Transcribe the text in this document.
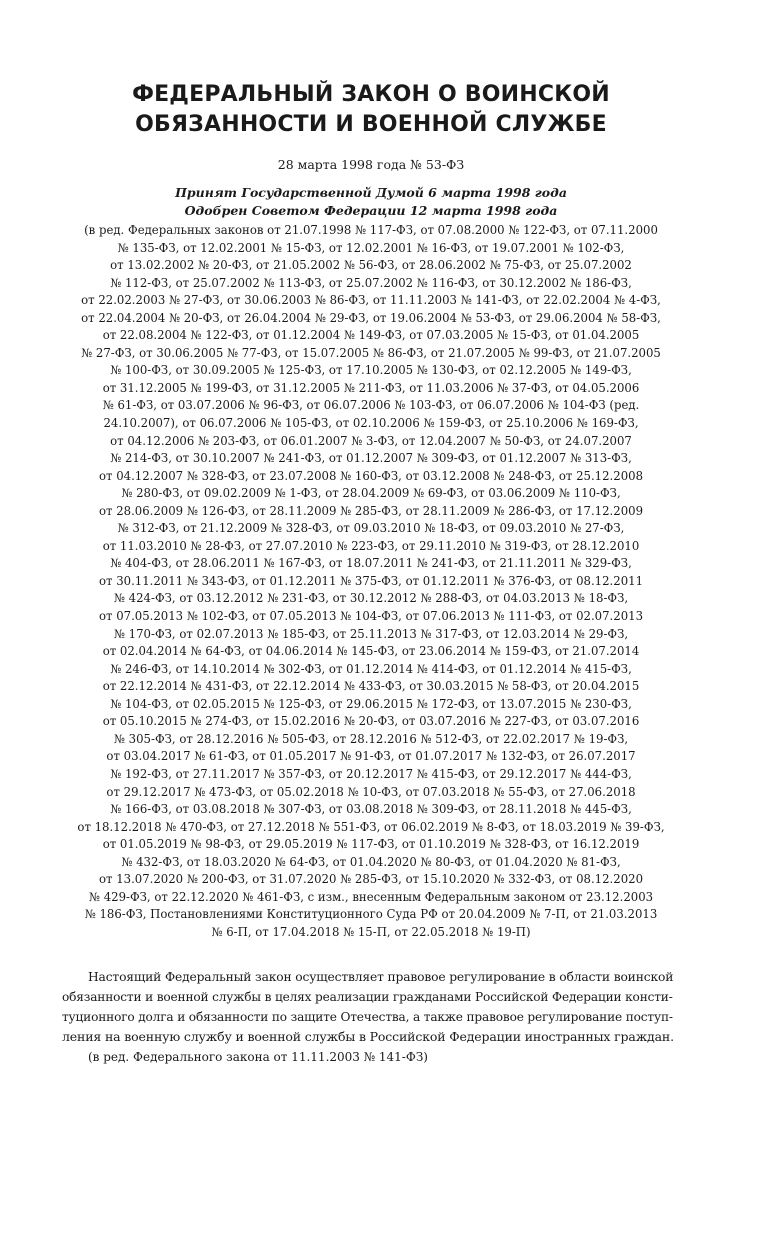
ФЕДЕРАЛЬНЫЙ ЗАКОН О ВОИНСКОЙ
ОБЯЗАННОСТИ И ВОЕННОЙ СЛУЖБЕ
28 марта 1998 года № 53-ФЗ
Принят Государственной Думой 6 марта 1998 года
Одобрен Советом Федерации 12 марта 1998 года
(в ред. Федеральных законов от 21.07.1998 № 117-ФЗ, от 07.08.2000 № 122-ФЗ, от 07.11.2000
№ 135-ФЗ, от 12.02.2001 № 15-ФЗ, от 12.02.2001 № 16-ФЗ, от 19.07.2001 № 102-ФЗ,
от 13.02.2002 № 20-ФЗ, от 21.05.2002 № 56-ФЗ, от 28.06.2002 № 75-ФЗ, от 25.07.2002
№ 112-ФЗ, от 25.07.2002 № 113-ФЗ, от 25.07.2002 № 116-ФЗ, от 30.12.2002 № 186-ФЗ,
от 22.02.2003 № 27-ФЗ, от 30.06.2003 № 86-ФЗ, от 11.11.2003 № 141-ФЗ, от 22.02.2004 № 4-ФЗ,
от 22.04.2004 № 20-ФЗ, от 26.04.2004 № 29-ФЗ, от 19.06.2004 № 53-ФЗ, от 29.06.2004 № 58-ФЗ,
от 22.08.2004 № 122-ФЗ, от 01.12.2004 № 149-ФЗ, от 07.03.2005 № 15-ФЗ, от 01.04.2005
№ 27-ФЗ, от 30.06.2005 № 77-ФЗ, от 15.07.2005 № 86-ФЗ, от 21.07.2005 № 99-ФЗ, от 21.07.2005
№ 100-ФЗ, от 30.09.2005 № 125-ФЗ, от 17.10.2005 № 130-ФЗ, от 02.12.2005 № 149-ФЗ,
от 31.12.2005 № 199-ФЗ, от 31.12.2005 № 211-ФЗ, от 11.03.2006 № 37-ФЗ, от 04.05.2006
№ 61-ФЗ, от 03.07.2006 № 96-ФЗ, от 06.07.2006 № 103-ФЗ, от 06.07.2006 № 104-ФЗ (ред.
24.10.2007), от 06.07.2006 № 105-ФЗ, от 02.10.2006 № 159-ФЗ, от 25.10.2006 № 169-ФЗ,
от 04.12.2006 № 203-ФЗ, от 06.01.2007 № 3-ФЗ, от 12.04.2007 № 50-ФЗ, от 24.07.2007
№ 214-ФЗ, от 30.10.2007 № 241-ФЗ, от 01.12.2007 № 309-ФЗ, от 01.12.2007 № 313-ФЗ,
от 04.12.2007 № 328-ФЗ, от 23.07.2008 № 160-ФЗ, от 03.12.2008 № 248-ФЗ, от 25.12.2008
№ 280-ФЗ, от 09.02.2009 № 1-ФЗ, от 28.04.2009 № 69-ФЗ, от 03.06.2009 № 110-ФЗ,
от 28.06.2009 № 126-ФЗ, от 28.11.2009 № 285-ФЗ, от 28.11.2009 № 286-ФЗ, от 17.12.2009
№ 312-ФЗ, от 21.12.2009 № 328-ФЗ, от 09.03.2010 № 18-ФЗ, от 09.03.2010 № 27-ФЗ,
от 11.03.2010 № 28-ФЗ, от 27.07.2010 № 223-ФЗ, от 29.11.2010 № 319-ФЗ, от 28.12.2010
№ 404-ФЗ, от 28.06.2011 № 167-ФЗ, от 18.07.2011 № 241-ФЗ, от 21.11.2011 № 329-ФЗ,
от 30.11.2011 № 343-ФЗ, от 01.12.2011 № 375-ФЗ, от 01.12.2011 № 376-ФЗ, от 08.12.2011
№ 424-ФЗ, от 03.12.2012 № 231-ФЗ, от 30.12.2012 № 288-ФЗ, от 04.03.2013 № 18-ФЗ,
от 07.05.2013 № 102-ФЗ, от 07.05.2013 № 104-ФЗ, от 07.06.2013 № 111-ФЗ, от 02.07.2013
№ 170-ФЗ, от 02.07.2013 № 185-ФЗ, от 25.11.2013 № 317-ФЗ, от 12.03.2014 № 29-ФЗ,
от 02.04.2014 № 64-ФЗ, от 04.06.2014 № 145-ФЗ, от 23.06.2014 № 159-ФЗ, от 21.07.2014
№ 246-ФЗ, от 14.10.2014 № 302-ФЗ, от 01.12.2014 № 414-ФЗ, от 01.12.2014 № 415-ФЗ,
от 22.12.2014 № 431-ФЗ, от 22.12.2014 № 433-ФЗ, от 30.03.2015 № 58-ФЗ, от 20.04.2015
№ 104-ФЗ, от 02.05.2015 № 125-ФЗ, от 29.06.2015 № 172-ФЗ, от 13.07.2015 № 230-ФЗ,
от 05.10.2015 № 274-ФЗ, от 15.02.2016 № 20-ФЗ, от 03.07.2016 № 227-ФЗ, от 03.07.2016
№ 305-ФЗ, от 28.12.2016 № 505-ФЗ, от 28.12.2016 № 512-ФЗ, от 22.02.2017 № 19-ФЗ,
от 03.04.2017 № 61-ФЗ, от 01.05.2017 № 91-ФЗ, от 01.07.2017 № 132-ФЗ, от 26.07.2017
№ 192-ФЗ, от 27.11.2017 № 357-ФЗ, от 20.12.2017 № 415-ФЗ, от 29.12.2017 № 444-ФЗ,
от 29.12.2017 № 473-ФЗ, от 05.02.2018 № 10-ФЗ, от 07.03.2018 № 55-ФЗ, от 27.06.2018
№ 166-ФЗ, от 03.08.2018 № 307-ФЗ, от 03.08.2018 № 309-ФЗ, от 28.11.2018 № 445-ФЗ,
от 18.12.2018 № 470-ФЗ, от 27.12.2018 № 551-ФЗ, от 06.02.2019 № 8-ФЗ, от 18.03.2019 № 39-ФЗ,
от 01.05.2019 № 98-ФЗ, от 29.05.2019 № 117-ФЗ, от 01.10.2019 № 328-ФЗ, от 16.12.2019
№ 432-ФЗ, от 18.03.2020 № 64-ФЗ, от 01.04.2020 № 80-ФЗ, от 01.04.2020 № 81-ФЗ,
от 13.07.2020 № 200-ФЗ, от 31.07.2020 № 285-ФЗ, от 15.10.2020 № 332-ФЗ, от 08.12.2020
№ 429-ФЗ, от 22.12.2020 № 461-ФЗ, с изм., внесенным Федеральным законом от 23.12.2003
№ 186-ФЗ, Постановлениями Конституционного Суда РФ от 20.04.2009 № 7-П, от 21.03.2013
№ 6-П, от 17.04.2018 № 15-П, от 22.05.2018 № 19-П)
Настоящий Федеральный закон осуществляет правовое регулирование в области воинской
обязанности и военной службы в целях реализации гражданами Российской Федерации консти-
туционного долга и обязанности по защите Отечества, а также правовое регулирование поступ-
ления на военную службу и военной службы в Российской Федерации иностранных граждан.
(в ред. Федерального закона от 11.11.2003 № 141-ФЗ)
